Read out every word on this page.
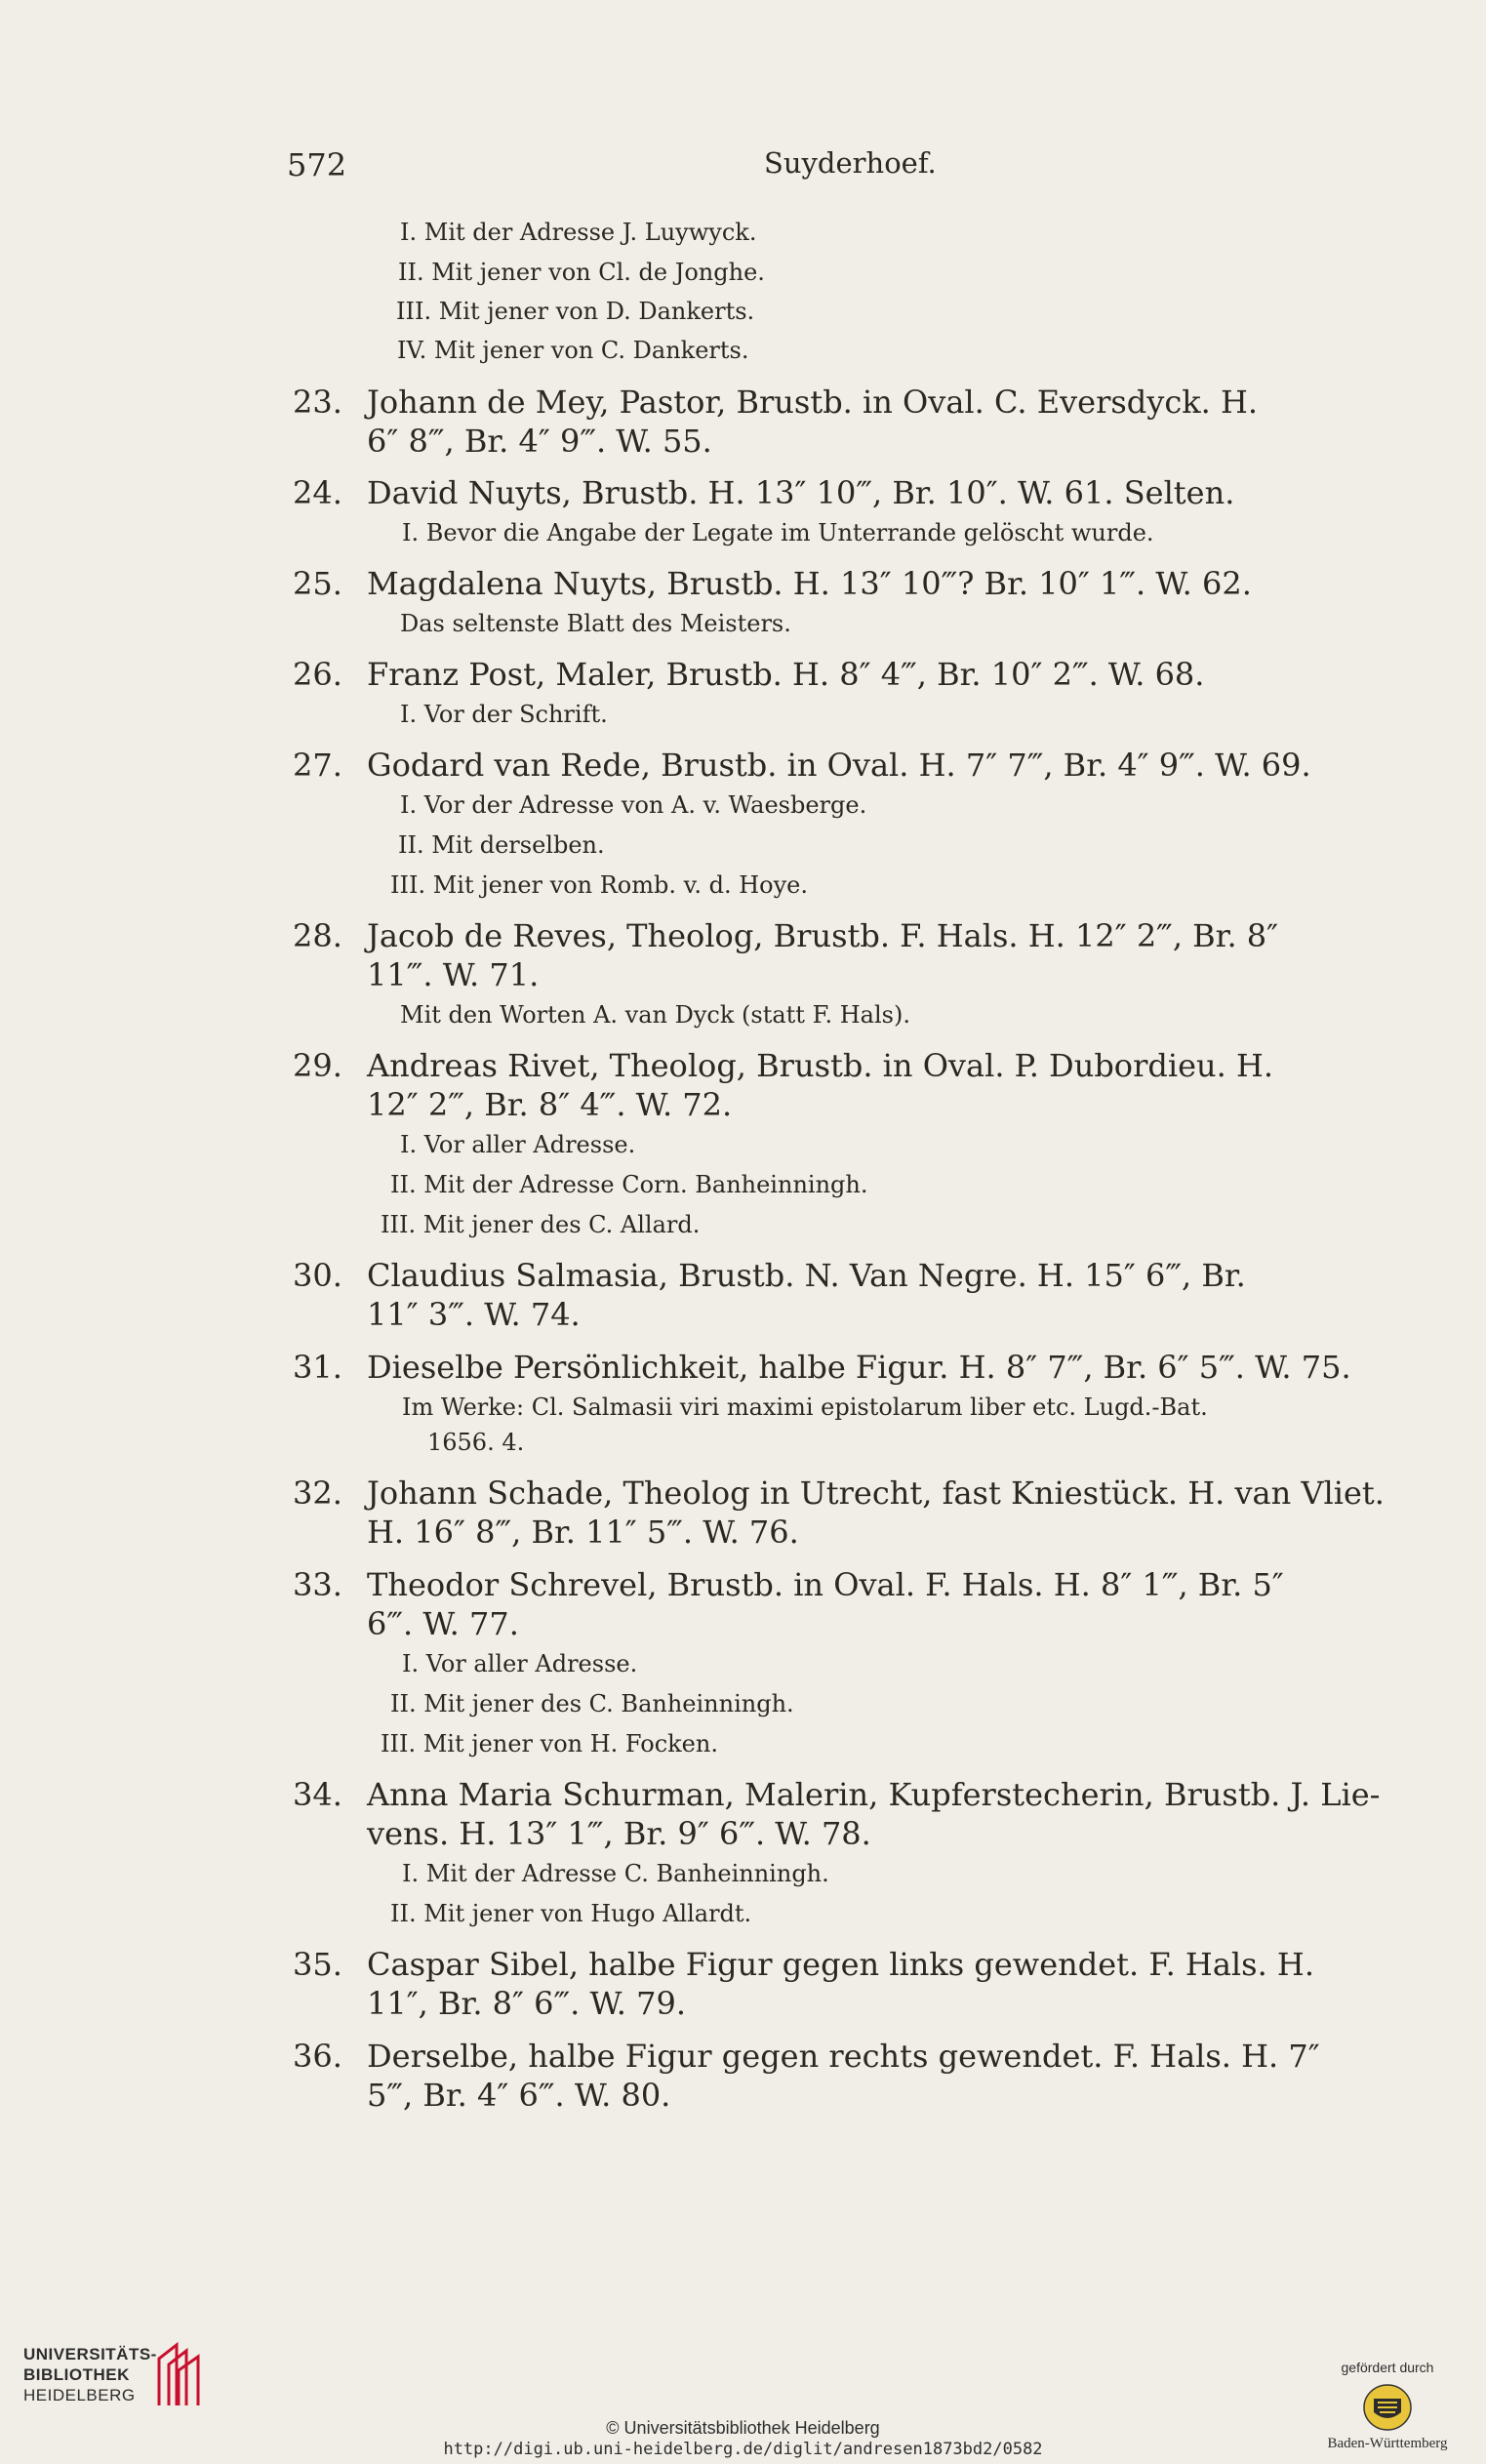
572	Suyderhoef.
I. Mit der Adresse J. Luywyck.
II. Mit jener von Cl. de Jonghe.
III. Mit jener von D. Dankerts.
IV. Mit jener von C. Dankerts.
23. Johann de Mey, Pastor, Brustb. in Oval. C. Eversdyck. H.
6″ 8‴, Br. 4″ 9‴. W. 55.
24. David Nuyts, Brustb. H. 13″ 10‴, Br. 10″. W. 61. Selten.
I. Bevor die Angabe der Legate im Unterrande gelöscht wurde.
25. Magdalena Nuyts, Brustb. H. 13″ 10‴? Br. 10″ 1‴. W. 62.
Das seltenste Blatt des Meisters.
26. Franz Post, Maler, Brustb. H. 8″ 4‴, Br. 10″ 2‴. W. 68.
I. Vor der Schrift.
27. Godard van Rede, Brustb. in Oval. H. 7″ 7‴, Br. 4″ 9‴. W. 69.
I. Vor der Adresse von A. v. Waesberge.
II. Mit derselben.
III. Mit jener von Romb. v. d. Hoye.
28. Jacob de Reves, Theolog, Brustb. F. Hals. H. 12″ 2‴, Br. 8″
11‴. W. 71.
Mit den Worten A. van Dyck (statt F. Hals).
29. Andreas Rivet, Theolog, Brustb. in Oval. P. Dubordieu. H.
12″ 2‴, Br. 8″ 4‴. W. 72.
I. Vor aller Adresse.
II. Mit der Adresse Corn. Banheinningh.
III. Mit jener des C. Allard.
30. Claudius Salmasia, Brustb. N. Van Negre. H. 15″ 6‴, Br.
11″ 3‴. W. 74.
31. Dieselbe Persönlichkeit, halbe Figur. H. 8″ 7‴, Br. 6″ 5‴. W. 75.
Im Werke: Cl. Salmasii viri maximi epistolarum liber etc. Lugd.-Bat.
1656. 4.
32. Johann Schade, Theolog in Utrecht, fast Kniestück. H. van Vliet.
H. 16″ 8‴, Br. 11″ 5‴. W. 76.
33. Theodor Schrevel, Brustb. in Oval. F. Hals. H. 8″ 1‴, Br. 5″
6‴. W. 77.
I. Vor aller Adresse.
II. Mit jener des C. Banheinningh.
III. Mit jener von H. Focken.
34. Anna Maria Schurman, Malerin, Kupferstecherin, Brustb. J. Lie-
vens. H. 13″ 1‴, Br. 9″ 6‴. W. 78.
I. Mit der Adresse C. Banheinningh.
II. Mit jener von Hugo Allardt.
35. Caspar Sibel, halbe Figur gegen links gewendet. F. Hals. H.
11″, Br. 8″ 6‴. W. 79.
36. Derselbe, halbe Figur gegen rechts gewendet. F. Hals. H. 7″
5‴, Br. 4″ 6‴. W. 80.
UNIVERSITÄTS-
BIBLIOTHEK
HEIDELBERG
© Universitätsbibliothek Heidelberg
http://digi.ub.uni-heidelberg.de/diglit/andresen1873bd2/0582
gefördert durch
Baden-Württemberg
